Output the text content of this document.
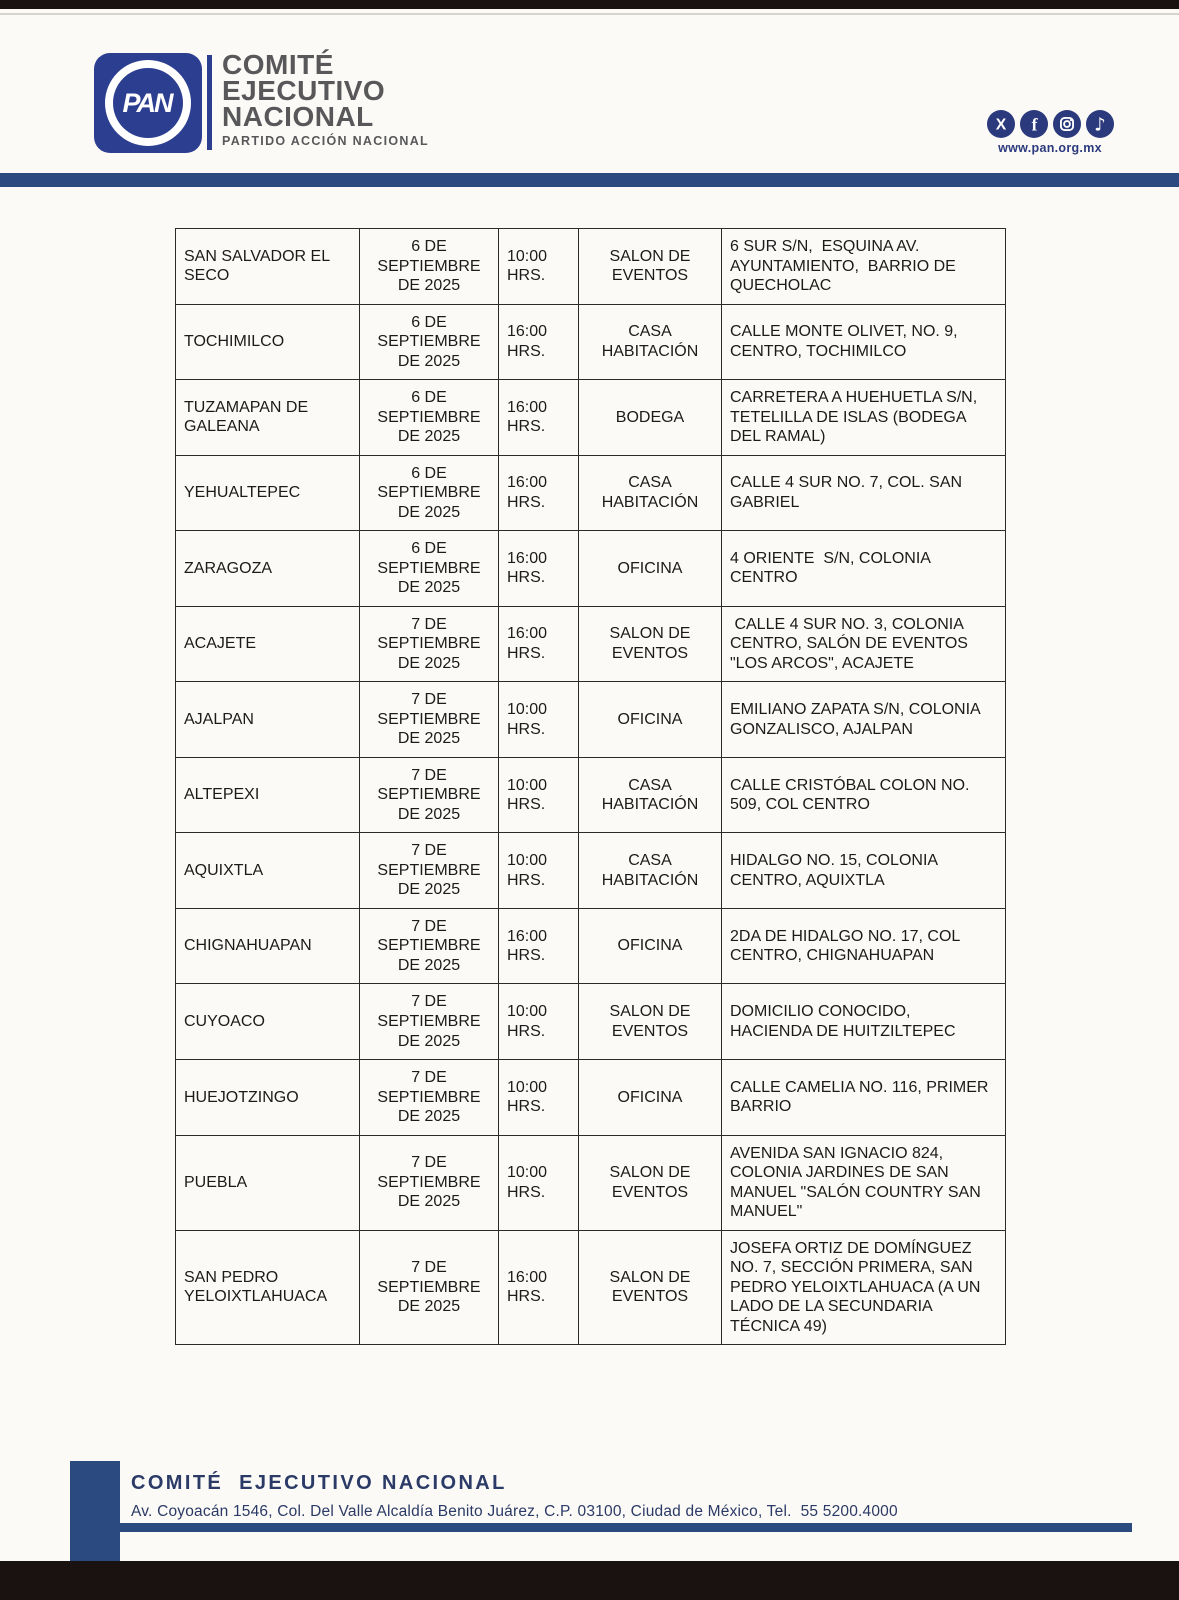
PAN
COMITÉ
EJECUTIVO
NACIONAL
PARTIDO ACCIÓN NACIONAL
X f	♪
www.pan.org.mx
SAN SALVADOR EL SECO	6 DE SEPTIEMBRE DE 2025	10:00 HRS.	SALON DE EVENTOS	6 SUR S/N,  ESQUINA AV. AYUNTAMIENTO,  BARRIO DE QUECHOLAC
TOCHIMILCO	6 DE SEPTIEMBRE DE 2025	16:00 HRS.	CASA HABITACIÓN	CALLE MONTE OLIVET, NO. 9, CENTRO, TOCHIMILCO
TUZAMAPAN DE GALEANA	6 DE SEPTIEMBRE DE 2025	16:00 HRS.	BODEGA	CARRETERA A HUEHUETLA S/N, TETELILLA DE ISLAS (BODEGA DEL RAMAL)
YEHUALTEPEC	6 DE SEPTIEMBRE DE 2025	16:00 HRS.	CASA HABITACIÓN	CALLE 4 SUR NO. 7, COL. SAN GABRIEL
ZARAGOZA	6 DE SEPTIEMBRE DE 2025	16:00 HRS.	OFICINA	4 ORIENTE  S/N, COLONIA CENTRO
ACAJETE	7 DE SEPTIEMBRE DE 2025	16:00 HRS.	SALON DE EVENTOS	CALLE 4 SUR NO. 3, COLONIA CENTRO, SALÓN DE EVENTOS "LOS ARCOS", ACAJETE
AJALPAN	7 DE SEPTIEMBRE DE 2025	10:00 HRS.	OFICINA	EMILIANO ZAPATA S/N, COLONIA GONZALISCO, AJALPAN
ALTEPEXI	7 DE SEPTIEMBRE DE 2025	10:00 HRS.	CASA HABITACIÓN	CALLE CRISTÓBAL COLON NO. 509, COL CENTRO
AQUIXTLA	7 DE SEPTIEMBRE DE 2025	10:00 HRS.	CASA HABITACIÓN	HIDALGO NO. 15, COLONIA CENTRO, AQUIXTLA
CHIGNAHUAPAN	7 DE SEPTIEMBRE DE 2025	16:00 HRS.	OFICINA	2DA DE HIDALGO NO. 17, COL CENTRO, CHIGNAHUAPAN
CUYOACO	7 DE SEPTIEMBRE DE 2025	10:00 HRS.	SALON DE EVENTOS	DOMICILIO CONOCIDO, HACIENDA DE HUITZILTEPEC
HUEJOTZINGO	7 DE SEPTIEMBRE DE 2025	10:00 HRS.	OFICINA	CALLE CAMELIA NO. 116, PRIMER BARRIO
PUEBLA	7 DE SEPTIEMBRE DE 2025	10:00 HRS.	SALON DE EVENTOS	AVENIDA SAN IGNACIO 824, COLONIA JARDINES DE SAN MANUEL "SALÓN COUNTRY SAN MANUEL"
SAN PEDRO YELOIXTLAHUACA	7 DE SEPTIEMBRE DE 2025	16:00 HRS.	SALON DE EVENTOS	JOSEFA ORTIZ DE DOMÍNGUEZ NO. 7, SECCIÓN PRIMERA, SAN PEDRO YELOIXTLAHUACA (A UN LADO DE LA SECUNDARIA TÉCNICA 49)
COMITÉ  EJECUTIVO NACIONAL
Av. Coyoacán 1546, Col. Del Valle Alcaldía Benito Juárez, C.P. 03100, Ciudad de México, Tel.  55 5200.4000
